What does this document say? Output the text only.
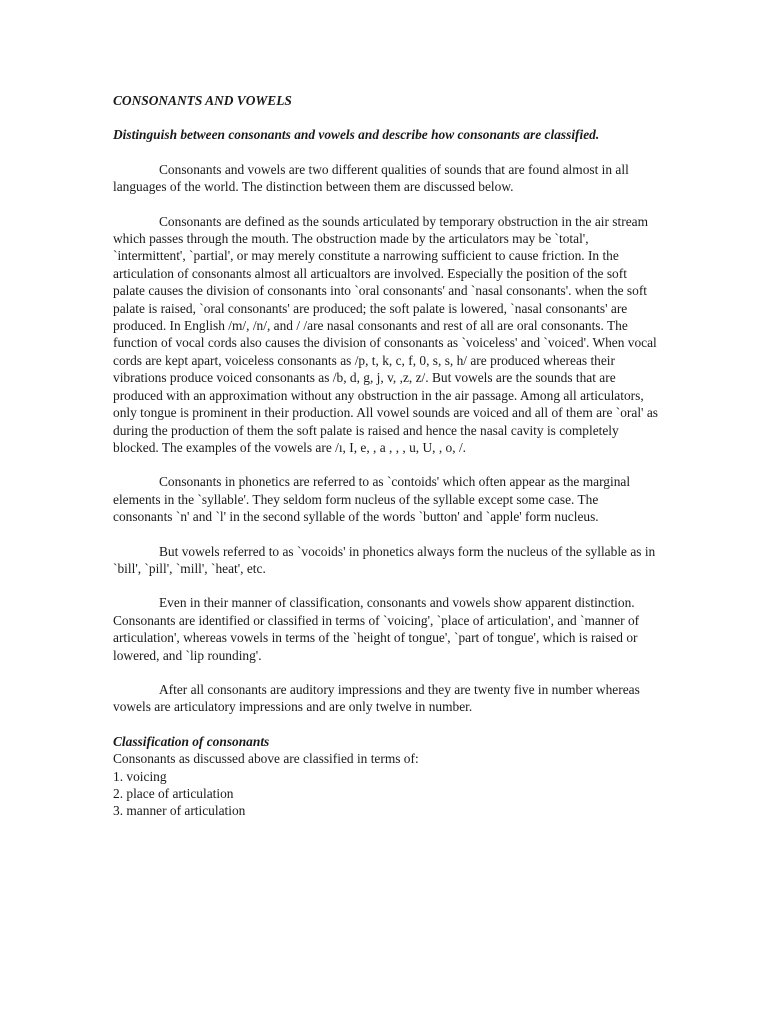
CONSONANTS AND VOWELS

Distinguish between consonants and vowels and describe how consonants are classified.

Consonants and vowels are two different qualities of sounds that are found almost in all languages of the world. The distinction between them are discussed below.

Consonants are defined as the sounds articulated by temporary obstruction in the air stream which passes through the mouth. The obstruction made by the articulators may be `total', `intermittent', `partial', or may merely constitute a narrowing sufficient to cause friction. In the articulation of consonants almost all articualtors are involved. Especially the position of the soft palate causes the division of consonants into `oral consonants' and `nasal consonants'. when the soft palate is raised, `oral consonants' are produced; the soft palate is lowered, `nasal consonants' are produced. In English /m/, /n/, and / /are nasal consonants and rest of all are oral consonants. The function of vocal cords also causes the division of consonants as `voiceless' and `voiced'. When vocal cords are kept apart, voiceless consonants as /p, t, k, c, f, 0, s, s, h/ are produced whereas their vibrations produce voiced consonants as /b, d, g, j, v, ,z, z/. But vowels are the sounds that are produced with an approximation without any obstruction in the air passage. Among all articulators, only tongue is prominent in their production. All vowel sounds are voiced and all of them are `oral' as during the production of them the soft palate is raised and hence the nasal cavity is completely blocked. The examples of the vowels are /ı, I, e, , a , , , u, U, , o, /.

Consonants in phonetics are referred to as `contoids' which often appear as the marginal elements in the `syllable'. They seldom form nucleus of the syllable except some case. The consonants `n' and `l' in the second syllable of the words `button' and `apple' form nucleus.

But vowels referred to as `vocoids' in phonetics always form the nucleus of the syllable as in `bill', `pill', `mill', `heat', etc.

Even in their manner of classification, consonants and vowels show apparent distinction. Consonants are identified or classified in terms of `voicing', `place of articulation', and `manner of articulation', whereas vowels in terms of the `height of tongue', `part of tongue', which is raised or lowered, and `lip rounding'.

After all consonants are auditory impressions and they are twenty five in number whereas vowels are articulatory impressions and are only twelve in number.

Classification of consonants

Consonants as discussed above are classified in terms of:

1. voicing
2. place of articulation
3. manner of articulation
